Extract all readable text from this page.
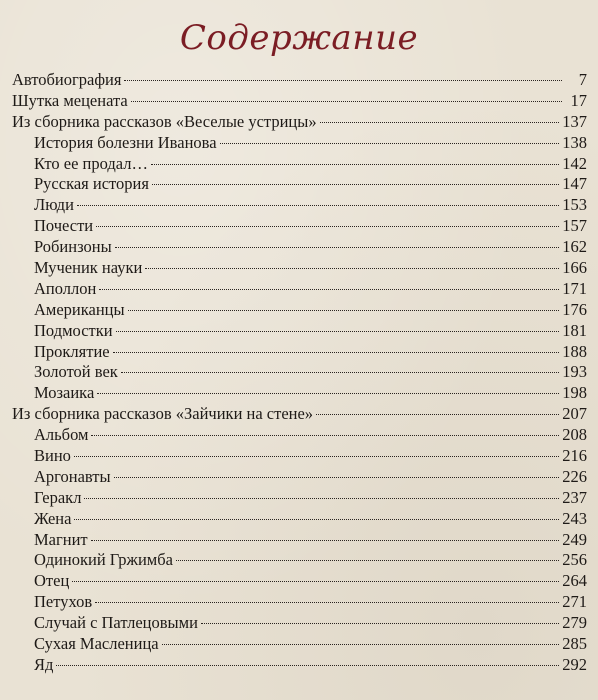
Содержание
Автобиография	7
Шутка мецената	17
Из сборника рассказов «Веселые устрицы»	137
История болезни Иванова	138
Кто ее продал…	142
Русская история	147
Люди	153
Почести	157
Робинзоны	162
Мученик науки	166
Аполлон	171
Американцы	176
Подмостки	181
Проклятие	188
Золотой век	193
Мозаика	198
Из сборника рассказов «Зайчики на стене»	207
Альбом	208
Вино	216
Аргонавты	226
Геракл	237
Жена	243
Магнит	249
Одинокий Гржимба	256
Отец	264
Петухов	271
Случай с Патлецовыми	279
Сухая Масленица	285
Яд	292
